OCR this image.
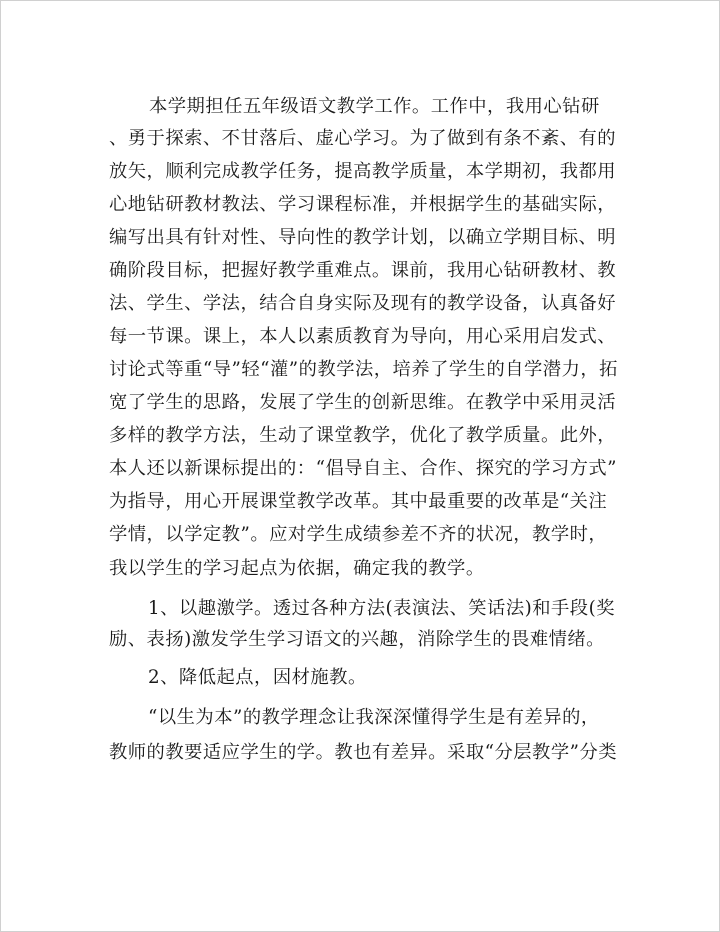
本学期担任五年级语文教学工作。工作中，我用心钻研

、勇于探索、不甘落后、虚心学习。为了做到有条不紊、有的

放矢，顺利完成教学任务，提高教学质量，本学期初，我都用

心地钻研教材教法、学习课程标准，并根据学生的基础实际，

编写出具有针对性、导向性的教学计划，以确立学期目标、明

确阶段目标，把握好教学重难点。课前，我用心钻研教材、教

法、学生、学法，结合自身实际及现有的教学设备，认真备好

每一节课。课上，本人以素质教育为导向，用心采用启发式、

讨论式等重“导”轻“灌”的教学法，培养了学生的自学潜力，拓

宽了学生的思路，发展了学生的创新思维。在教学中采用灵活

多样的教学方法，生动了课堂教学，优化了教学质量。此外，

本人还以新课标提出的：“倡导自主、合作、探究的学习方式”

为指导，用心开展课堂教学改革。其中最重要的改革是“关注

学情，以学定教”。应对学生成绩参差不齐的状况，教学时，

我以学生的学习起点为依据，确定我的教学。

1、以趣激学。透过各种方法(表演法、笑话法)和手段(奖

励、表扬)激发学生学习语文的兴趣，消除学生的畏难情绪。

2、降低起点，因材施教。

“以生为本”的教学理念让我深深懂得学生是有差异的，

教师的教要适应学生的学。教也有差异。采取“分层教学”分类
